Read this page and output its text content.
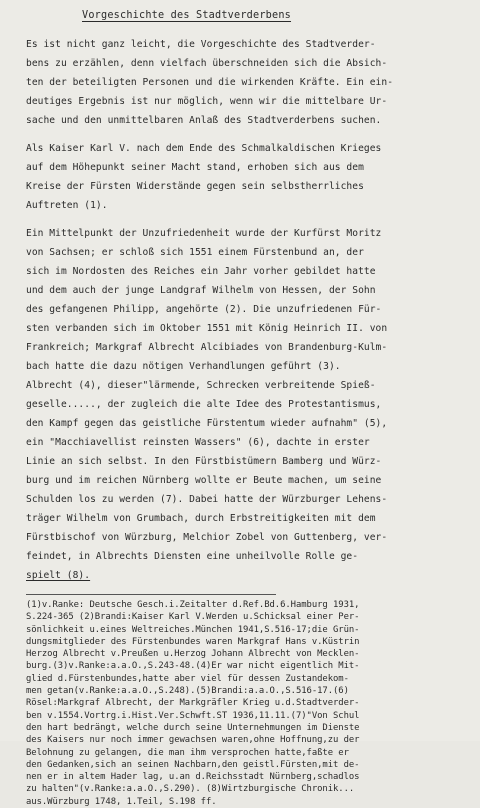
Vorgeschichte des Stadtverderbens
Es ist nicht ganz leicht, die Vorgeschichte des Stadtverder-
bens zu erzählen, denn vielfach überschneiden sich die Absich-
ten der beteiligten Personen und die wirkenden Kräfte. Ein ein-
deutiges Ergebnis ist nur möglich, wenn wir die mittelbare Ur-
sache und den unmittelbaren Anlaß des Stadtverderbens suchen.
Als Kaiser Karl V. nach dem Ende des Schmalkaldischen Krieges
auf dem Höhepunkt seiner Macht stand, erhoben sich aus dem
Kreise der Fürsten Widerstände gegen sein selbstherrliches
Auftreten (1).
Ein Mittelpunkt der Unzufriedenheit wurde der Kurfürst Moritz
von Sachsen; er schloß sich 1551 einem Fürstenbund an, der
sich im Nordosten des Reiches ein Jahr vorher gebildet hatte
und dem auch der junge Landgraf Wilhelm von Hessen, der Sohn
des gefangenen Philipp, angehörte (2). Die unzufriedenen Für-
sten verbanden sich im Oktober 1551 mit König Heinrich II. von
Frankreich; Markgraf Albrecht Alcibiades von Brandenburg-Kulm-
bach hatte die dazu nötigen Verhandlungen geführt (3).
Albrecht (4), dieser"lärmende, Schrecken verbreitende Spieß-
geselle....., der zugleich die alte Idee des Protestantismus,
den Kampf gegen das geistliche Fürstentum wieder aufnahm" (5),
ein "Macchiavellist reinsten Wassers" (6), dachte in erster
Linie an sich selbst. In den Fürstbistümern Bamberg und Würz-
burg und im reichen Nürnberg wollte er Beute machen, um seine
Schulden los zu werden (7). Dabei hatte der Würzburger Lehens-
träger Wilhelm von Grumbach, durch Erbstreitigkeiten mit dem
Fürstbischof von Würzburg, Melchior Zobel von Guttenberg, ver-
feindet, in Albrechts Diensten eine unheilvolle Rolle ge-
spielt (8).
(1)v.Ranke: Deutsche Gesch.i.Zeitalter d.Ref.Bd.6.Hamburg 1931,
S.224-365 (2)Brandi:Kaiser Karl V.Werden u.Schicksal einer Per-
sönlichkeit u.eines Weltreiches.München 1941,S.516-17;die Grün-
dungsmitglieder des Fürstenbundes waren Markgraf Hans v.Küstrin
Herzog Albrecht v.Preußen u.Herzog Johann Albrecht von Mecklen-
burg.(3)v.Ranke:a.a.O.,S.243-48.(4)Er war nicht eigentlich Mit-
glied d.Fürstenbundes,hatte aber viel für dessen Zustandekom-
men getan(v.Ranke:a.a.O.,S.248).(5)Brandi:a.a.O.,S.516-17.(6)
Rösel:Markgraf Albrecht, der Markgräfler Krieg u.d.Stadtverder-
ben v.1554.Vortrg.i.Hist.Ver.Schwft.ST 1936,11.11.(7)"Von Schul
den hart bedrängt, welche durch seine Unternehmungen im Dienste
des Kaisers nur noch immer gewachsen waren,ohne Hoffnung,zu der
Belohnung zu gelangen, die man ihm versprochen hatte,faßte er
den Gedanken,sich an seinen Nachbarn,den geistl.Fürsten,mit de-
nen er in altem Hader lag, u.an d.Reichsstadt Nürnberg,schadlos
zu halten"(v.Ranke:a.a.O.,S.290). (8)Wirtzburgische Chronik...
aus.Würzburg 1748, 1.Teil, S.198 ff.
